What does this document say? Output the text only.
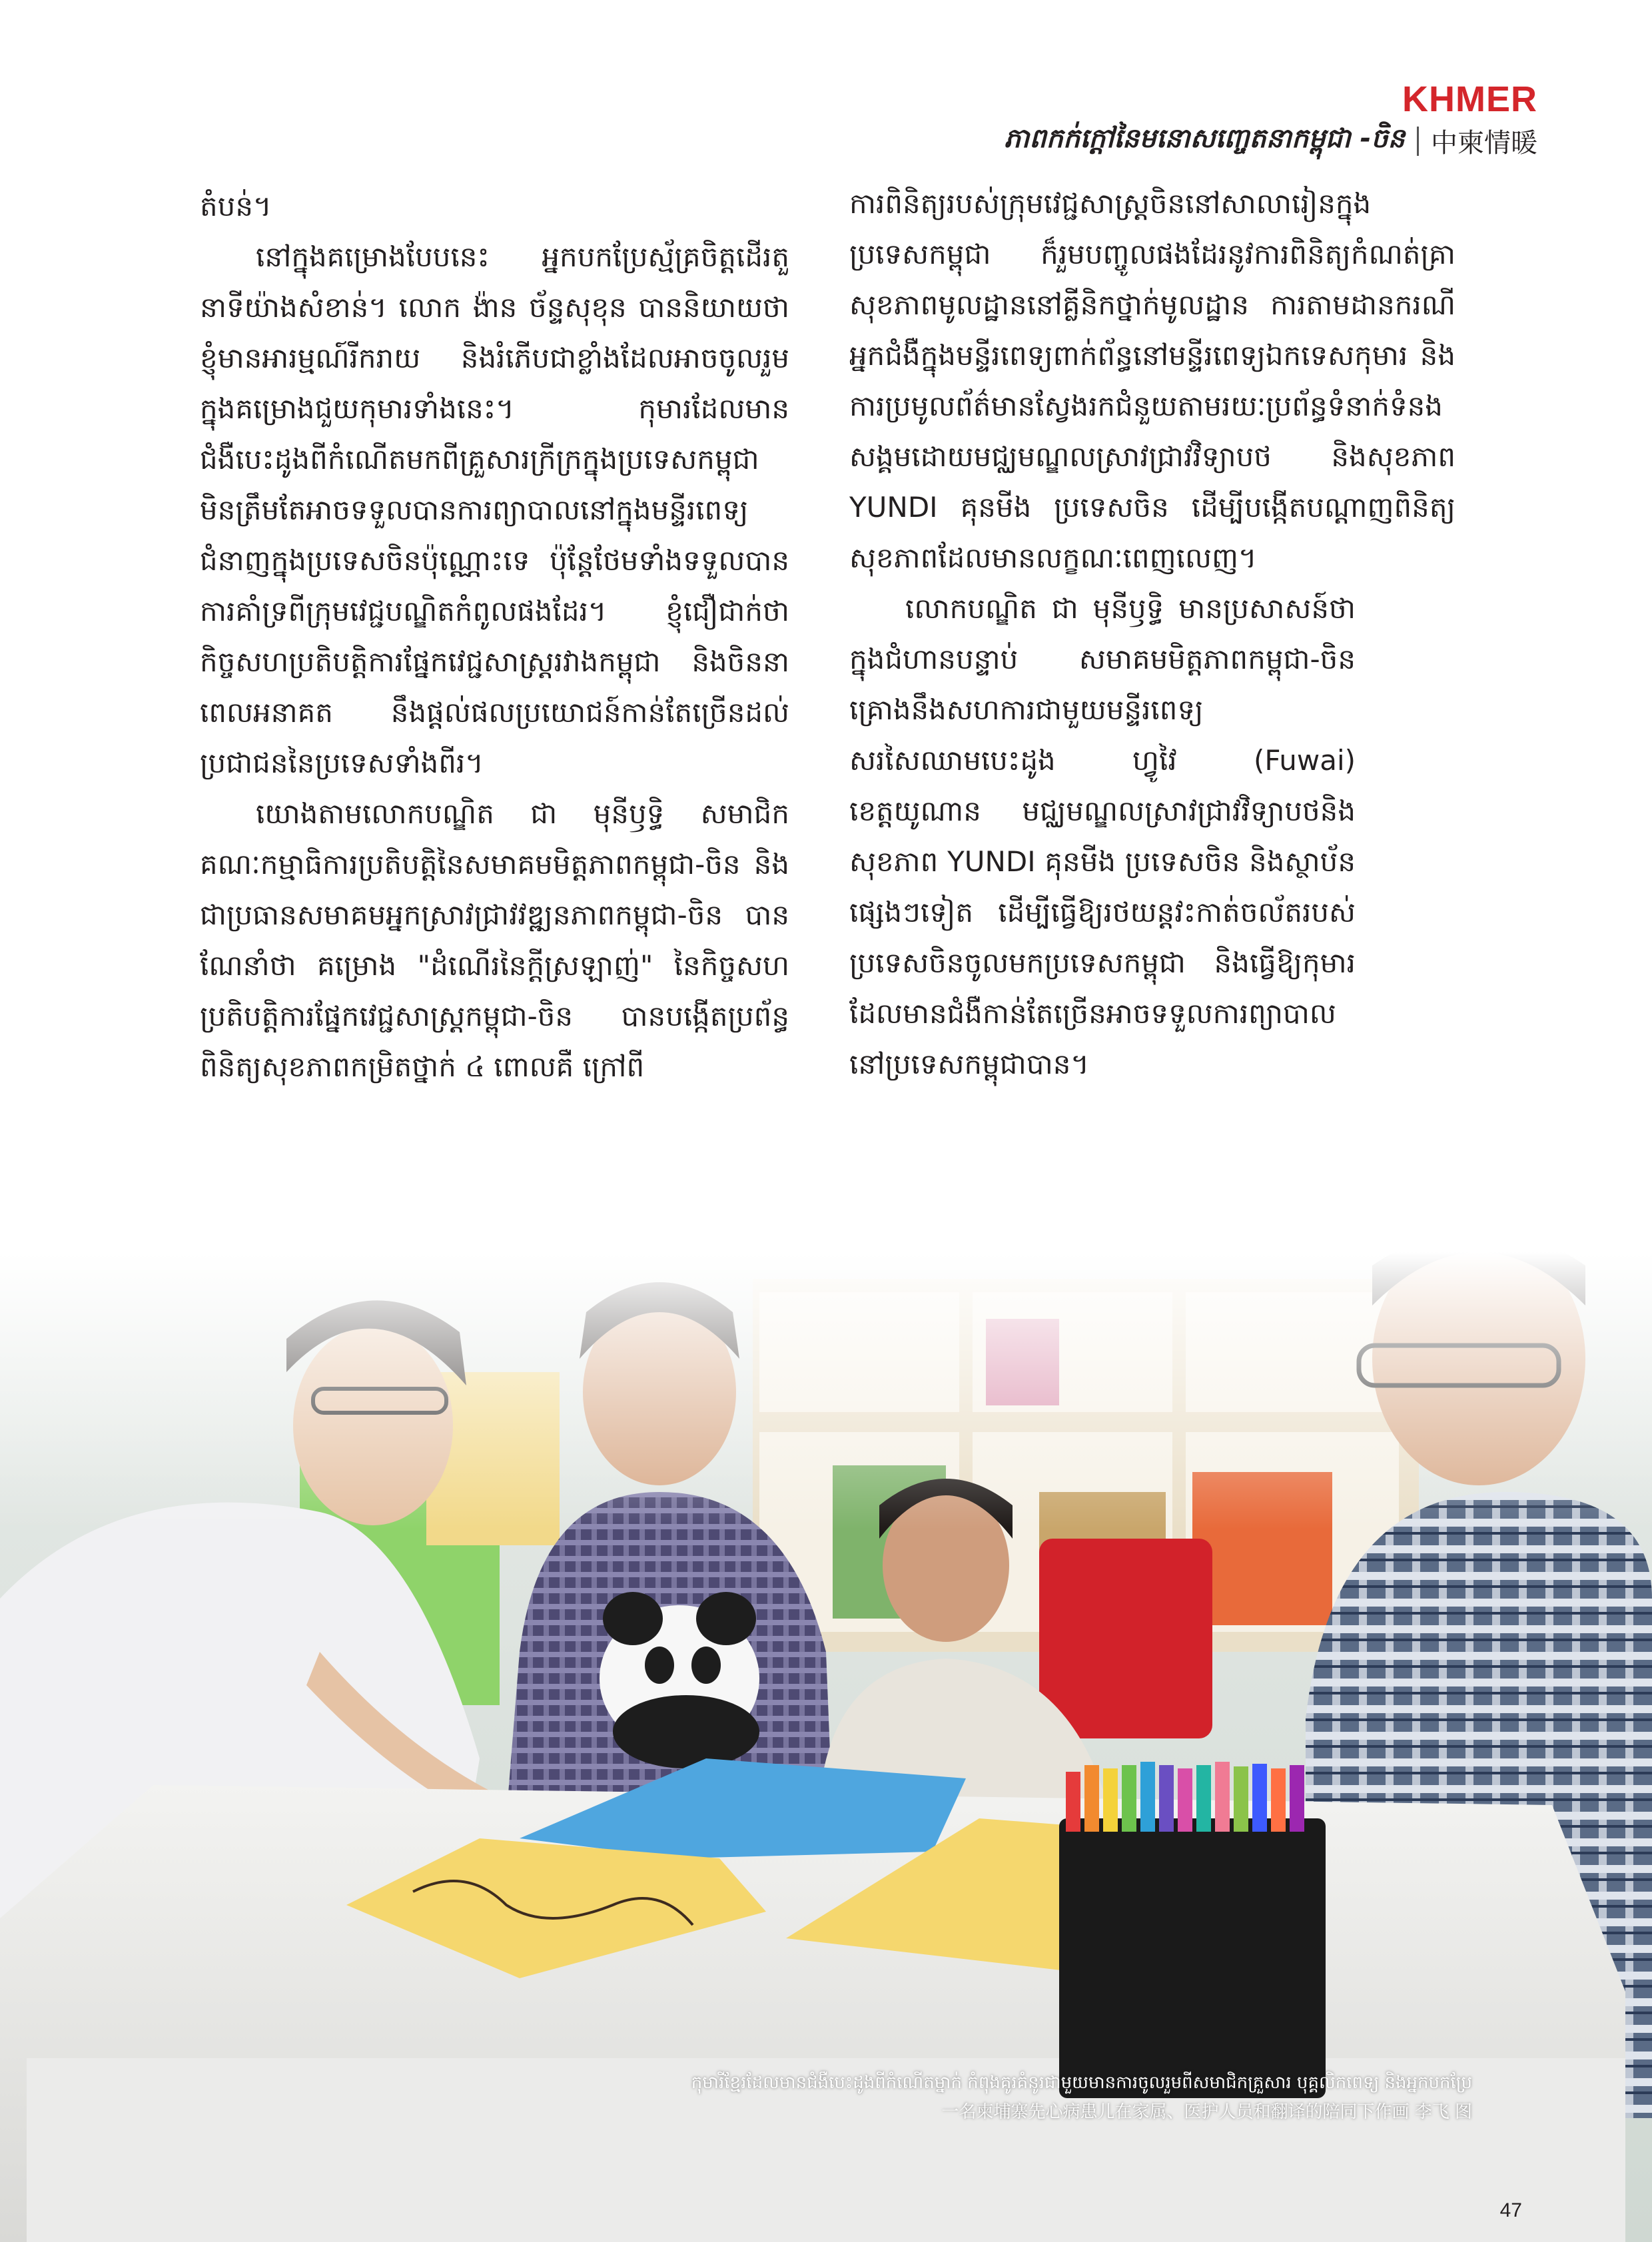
KHMER
ភាពកក់ក្ដៅនៃមនោសញ្ចេតនាកម្ពុជា -ចិន 中柬情暖

តំបន់។

នៅក្នុងគម្រោងបែបនេះ អ្នកបកប្រែស្ម័គ្រចិត្តដើរតួនាទីយ៉ាងសំខាន់។ លោក ង៉ាន ច័ន្ទសុខុន បាននិយាយថា ខ្ញុំមានអារម្មណ៍រីករាយ និងរំភើបជាខ្លាំងដែលអាចចូលរួមក្នុងគម្រោងជួយកុមារទាំងនេះ។ កុមារដែលមានជំងឺបេះដូងពីកំណើតមកពីគ្រួសារក្រីក្រក្នុងប្រទេសកម្ពុជា មិនត្រឹមតែអាចទទួលបានការព្យាបាលនៅក្នុងមន្ទីរពេទ្យជំនាញក្នុងប្រទេសចិនប៉ុណ្ណោះទេ ប៉ុន្តែថែមទាំងទទួលបានការគាំទ្រពីក្រុមវេជ្ជបណ្ឌិតកំពូលផងដែរ។ ខ្ញុំជឿជាក់ថា កិច្ចសហប្រតិបត្តិការផ្នែកវេជ្ជសាស្ត្ររវាងកម្ពុជា និងចិននាពេលអនាគត នឹងផ្ដល់ផលប្រយោជន៍កាន់តែច្រើនដល់ប្រជាជននៃប្រទេសទាំងពីរ។

យោងតាមលោកបណ្ឌិត ជា មុនីឫទ្ធិ សមាជិកគណៈកម្មាធិការប្រតិបត្តិនៃសមាគមមិត្តភាពកម្ពុជា-ចិន និងជាប្រធានសមាគមអ្នកស្រាវជ្រាវវឌ្ឍនភាពកម្ពុជា-ចិន បានណែនាំថា គម្រោង "ដំណើរនៃក្ដីស្រឡាញ់" នៃកិច្ចសហប្រតិបត្តិការផ្នែកវេជ្ជសាស្ត្រកម្ពុជា-ចិន បានបង្កើតប្រព័ន្ធពិនិត្យសុខភាពកម្រិតថ្នាក់ ៤ ពោលគឺ ក្រៅពី

ការពិនិត្យរបស់ក្រុមវេជ្ជសាស្ត្រចិននៅសាលារៀនក្នុងប្រទេសកម្ពុជា ក៏រួមបញ្ចូលផងដែរនូវការពិនិត្យកំណត់គ្រាសុខភាពមូលដ្ឋាននៅគ្លីនិកថ្នាក់មូលដ្ឋាន ការតាមដានករណីអ្នកជំងឺក្នុងមន្ទីរពេទ្យពាក់ព័ន្ធនៅមន្ទីរពេទ្យឯកទេសកុមារ និងការប្រមូលព័ត៌មានស្វែងរកជំនួយតាមរយៈប្រព័ន្ធទំនាក់ទំនងសង្គមដោយមជ្ឈមណ្ឌលស្រាវជ្រាវវិទ្យាបថ និងសុខភាព YUNDI គុនមីង ប្រទេសចិន ដើម្បីបង្កើតបណ្ដាញពិនិត្យសុខភាពដែលមានលក្ខណៈពេញលេញ។

លោកបណ្ឌិត ជា មុនីឫទ្ធិ មានប្រសាសន៍ថា ក្នុងជំហានបន្ទាប់ សមាគមមិត្តភាពកម្ពុជា-ចិនគ្រោងនឹងសហការជាមួយមន្ទីរពេទ្យសរសៃឈាមបេះដូង ហ្វូវៃ (Fuwai) ខេត្តយូណាន មជ្ឈមណ្ឌលស្រាវជ្រាវវិទ្យាបថនិងសុខភាព YUNDI គុនមីង ប្រទេសចិន និងស្ថាប័នផ្សេងៗទៀត ដើម្បីធ្វើឱ្យរថយន្តវះកាត់ចល័តរបស់ប្រទេសចិនចូលមកប្រទេសកម្ពុជា និងធ្វើឱ្យកុមារដែលមានជំងឺកាន់តែច្រើនអាចទទួលការព្យាបាលនៅប្រទេសកម្ពុជាបាន។

កុមារីខ្មែរដែលមានជំងឺបេះដូងពីកំណើតម្នាក់ កំពុងគូរគំនូរជាមួយមានការចូលរួមពីសមាជិកគ្រួសារ បុគ្គលិកពេទ្យ និងអ្នកបកប្រែ
一名柬埔寨先心病患儿在家属、医护人员和翻译的陪同下作画 李飞 图
47
